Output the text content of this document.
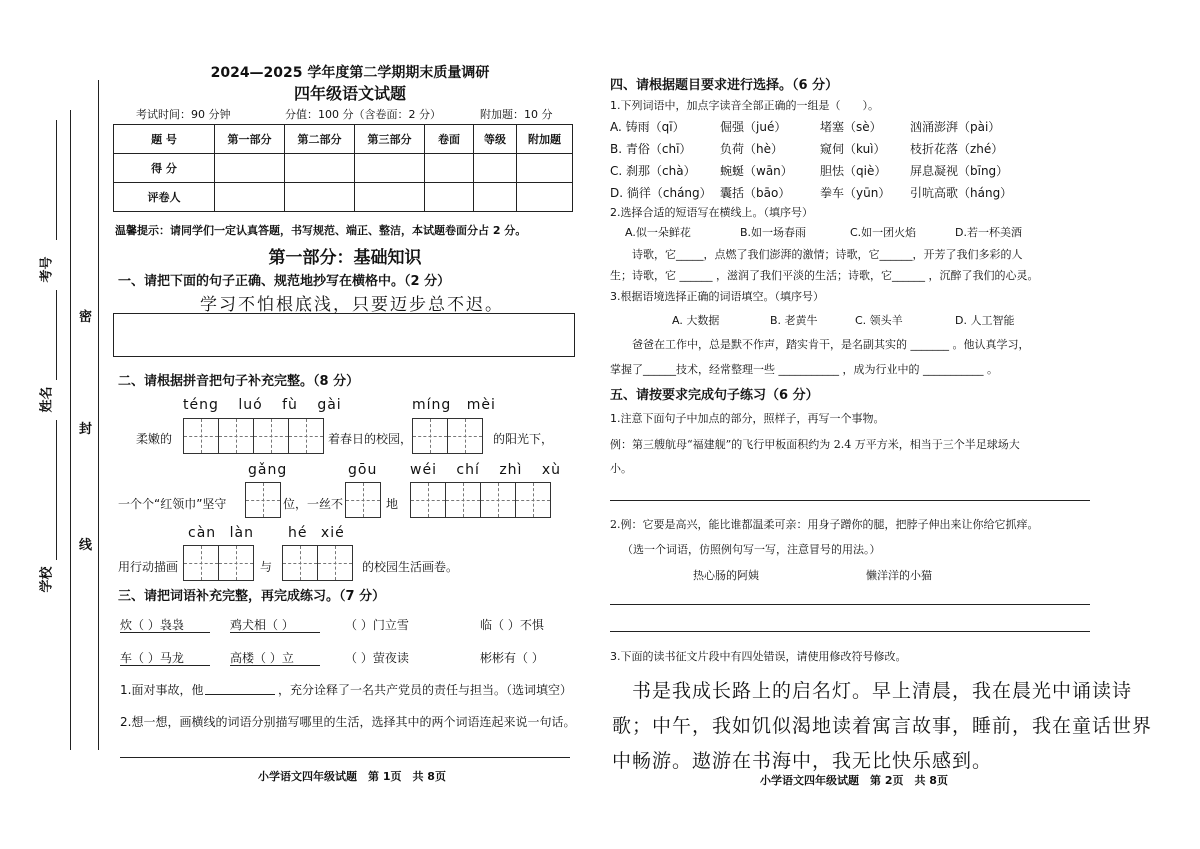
考号
姓名
学校
密
封
线
2024—2025 学年度第二学期期末质量调研
四年级语文试题
考试时间：90 分钟	分值：100 分（含卷面：2 分）	附加题：10 分
题 号	第一部分	第二部分	第三部分	卷面	等级	附加题
得 分						
评卷人						
温馨提示：请同学们一定认真答题，书写规范、端正、整洁，本试题卷面分占 2 分。
第一部分：基础知识
一、请把下面的句子正确、规范地抄写在横格中。（2 分）
学习不怕根底浅，只要迈步总不迟。
二、请根据拼音把句子补充完整。（8 分）
téng luó fù gài	míng mèi
柔嫩的	着春日的校园，	的阳光下，
gǎng	gōu wéi chí zhì xù
一个个“红领巾”坚守	位，一丝不	地
càn làn hé xié
用行动描画	与	的校园生活画卷。
三、请把词语补充完整，再完成练习。（7 分）
炊（ ）袅袅	鸡犬相（ ）	（ ）门立雪	临（ ）不惧
车（ ）马龙	高楼（ ）立	（ ）萤夜读	彬彬有（ ）
1.面对事故，他	，充分诠释了一名共产党员的责任与担当。（选词填空）
2.想一想，画横线的词语分别描写哪里的生活，选择其中的两个词语连起来说一句话。
小学语文四年级试题　第 1页　共 8页
四、请根据题目要求进行选择。（6 分）
1.下列词语中，加点字读音全部正确的一组是（　　）。
A. 铸雨（qī）	倔强（jué）	堵塞（sè） 汹涌澎湃（pài）
B. 青俗（chī） 负荷（hè）	窥伺（kuì） 枝折花落（zhé）
C. 刹那（chà） 蜿蜒（wān） 胆怯（qiè） 屏息凝视（bīng）
D. 徜徉（cháng） 囊括（bāo） 拳车（yūn） 引吭高歌（háng）
2.选择合适的短语写在横线上。（填序号）
A.似一朵鲜花	B.如一场春雨	C.如一团火焰	D.若一杯美酒
诗歌，它_____，点燃了我们澎湃的激情；诗歌，它______，开芳了我们多彩的人
生；诗歌，它 ______ ，滋润了我们平淡的生活；诗歌，它______ ，沉醉了我们的心灵。
3.根据语境选择正确的词语填空。（填序号）
A. 大数据	B. 老黄牛	C. 领头羊	D. 人工智能
爸爸在工作中，总是默不作声，踏实肯干，是名副其实的 _______ 。他认真学习，
掌握了______技术，经常整理一些 ___________ ，成为行业中的 ___________ 。
五、请按要求完成句子练习（6 分）
1.注意下面句子中加点的部分，照样子，再写一个事物。
例：第三艘航母“福建舰”的飞行甲板面积约为 2.4 万平方米，相当于三个半足球场大
小。
2.例：它要是高兴，能比谁都温柔可亲：用身子蹭你的腿，把脖子伸出来让你给它抓痒。
（选一个词语，仿照例句写一写，注意冒号的用法。）
热心肠的阿姨	懒洋洋的小猫
3.下面的读书征文片段中有四处错误，请使用修改符号修改。
书是我成长路上的启名灯。早上清晨，我在晨光中诵读诗
歌；中午，我如饥似渴地读着寓言故事，睡前，我在童话世界
中畅游。遨游在书海中，我无比快乐感到。
小学语文四年级试题　第 2页　共 8页
